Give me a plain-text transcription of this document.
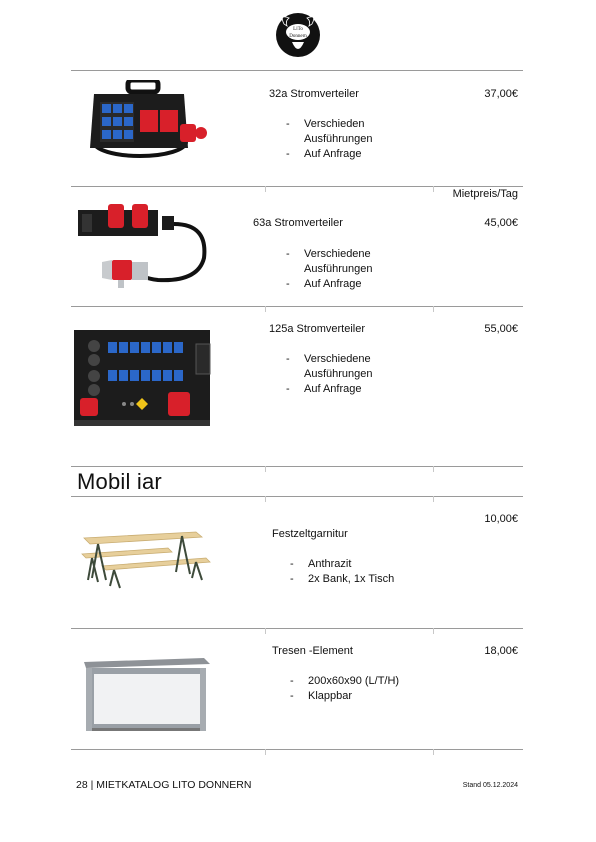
LiTo
Donnern
32a Stromverteiler	37,00€
- Verschieden Ausführungen
- Auf Anfrage
Mietpreis/Tag
63a Stromverteiler	45,00€
- Verschiedene Ausführungen
- Auf Anfrage
125a Stromverteiler	55,00€
- Verschiedene Ausführungen
- Auf Anfrage
Mobil iar
Festzeltgarnitur
10,00€
- Anthrazit
- 2x Bank, 1x Tisch
Tresen -Element	18,00€
- 200x60x90 (L/T/H)
- Klappbar
28 | MIETKATALOG LITO DONNERN	Stand 05.12.2024
